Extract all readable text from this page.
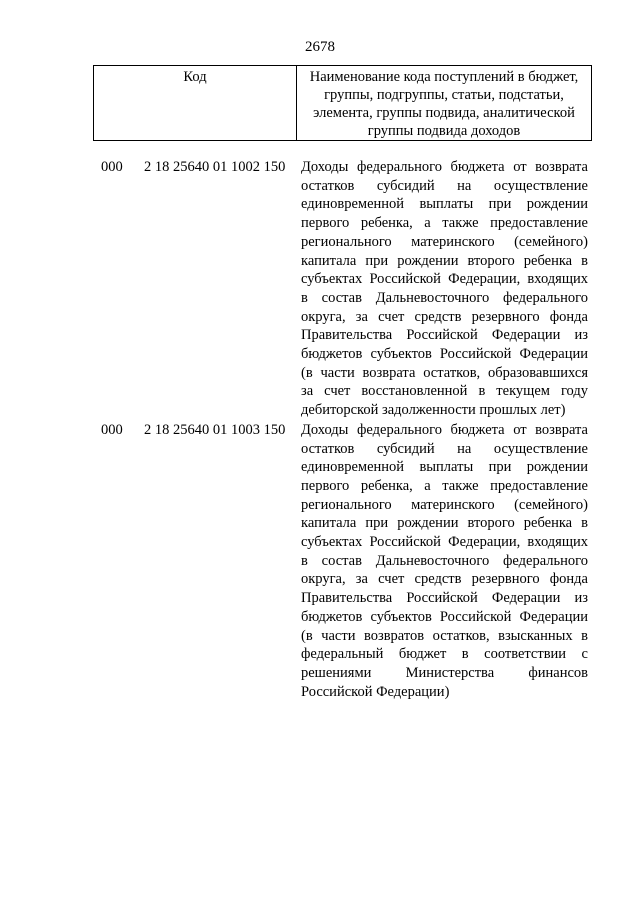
2678
Код	Наименование кода поступлений в бюджет,
группы, подгруппы, статьи, подстатьи,
элемента, группы подвида, аналитической
группы подвида доходов
000 2 18 25640 01 1002 150 Доходы федерального бюджета от возврата
остатков субсидий на осуществление
единовременной выплаты при рождении
первого ребенка, а также предоставление
регионального материнского (семейного)
капитала при рождении второго ребенка в
субъектах Российской Федерации, входящих
в состав Дальневосточного федерального
округа, за счет средств резервного фонда
Правительства Российской Федерации из
бюджетов субъектов Российской Федерации
(в части возврата остатков, образовавшихся
за счет восстановленной в текущем году
дебиторской задолженности прошлых лет)
000 2 18 25640 01 1003 150 Доходы федерального бюджета от возврата
остатков субсидий на осуществление
единовременной выплаты при рождении
первого ребенка, а также предоставление
регионального материнского (семейного)
капитала при рождении второго ребенка в
субъектах Российской Федерации, входящих
в состав Дальневосточного федерального
округа, за счет средств резервного фонда
Правительства Российской Федерации из
бюджетов субъектов Российской Федерации
(в части возвратов остатков, взысканных в
федеральный бюджет в соответствии с
решениями Министерства финансов
Российской Федерации)
